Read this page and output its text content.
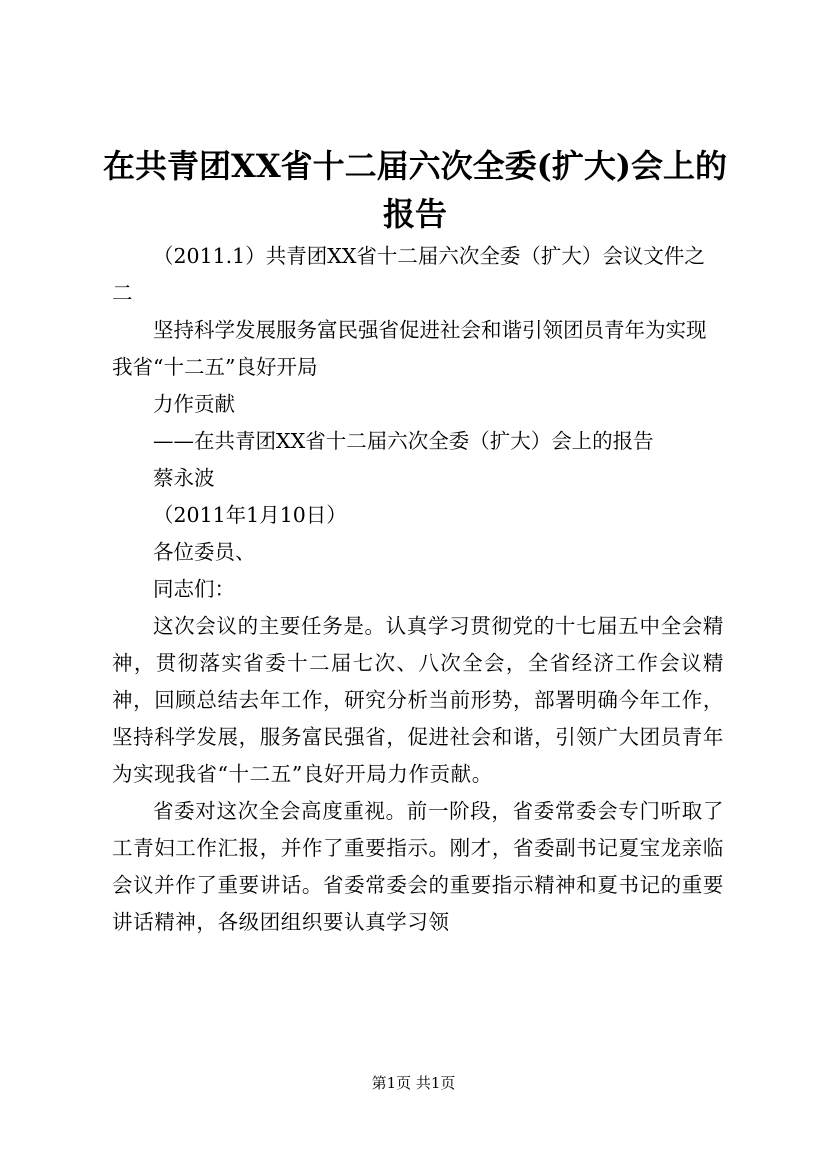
在共青团XX省十二届六次全委(扩大)会上的报告

（2011.1）共青团XX省十二届六次全委（扩大）会议文件之二

坚持科学发展服务富民强省促进社会和谐引领团员青年为实现我省“十二五”良好开局

力作贡献

——在共青团XX省十二届六次全委（扩大）会上的报告

蔡永波

（2011年1月10日）

各位委员、

同志们：

这次会议的主要任务是。认真学习贯彻党的十七届五中全会精神，贯彻落实省委十二届七次、八次全会，全省经济工作会议精神，回顾总结去年工作，研究分析当前形势，部署明确今年工作，坚持科学发展，服务富民强省，促进社会和谐，引领广大团员青年为实现我省“十二五”良好开局力作贡献。

省委对这次全会高度重视。前一阶段，省委常委会专门听取了工青妇工作汇报，并作了重要指示。刚才，省委副书记夏宝龙亲临会议并作了重要讲话。省委常委会的重要指示精神和夏书记的重要讲话精神，各级团组织要认真学习领

第1页 共1页
